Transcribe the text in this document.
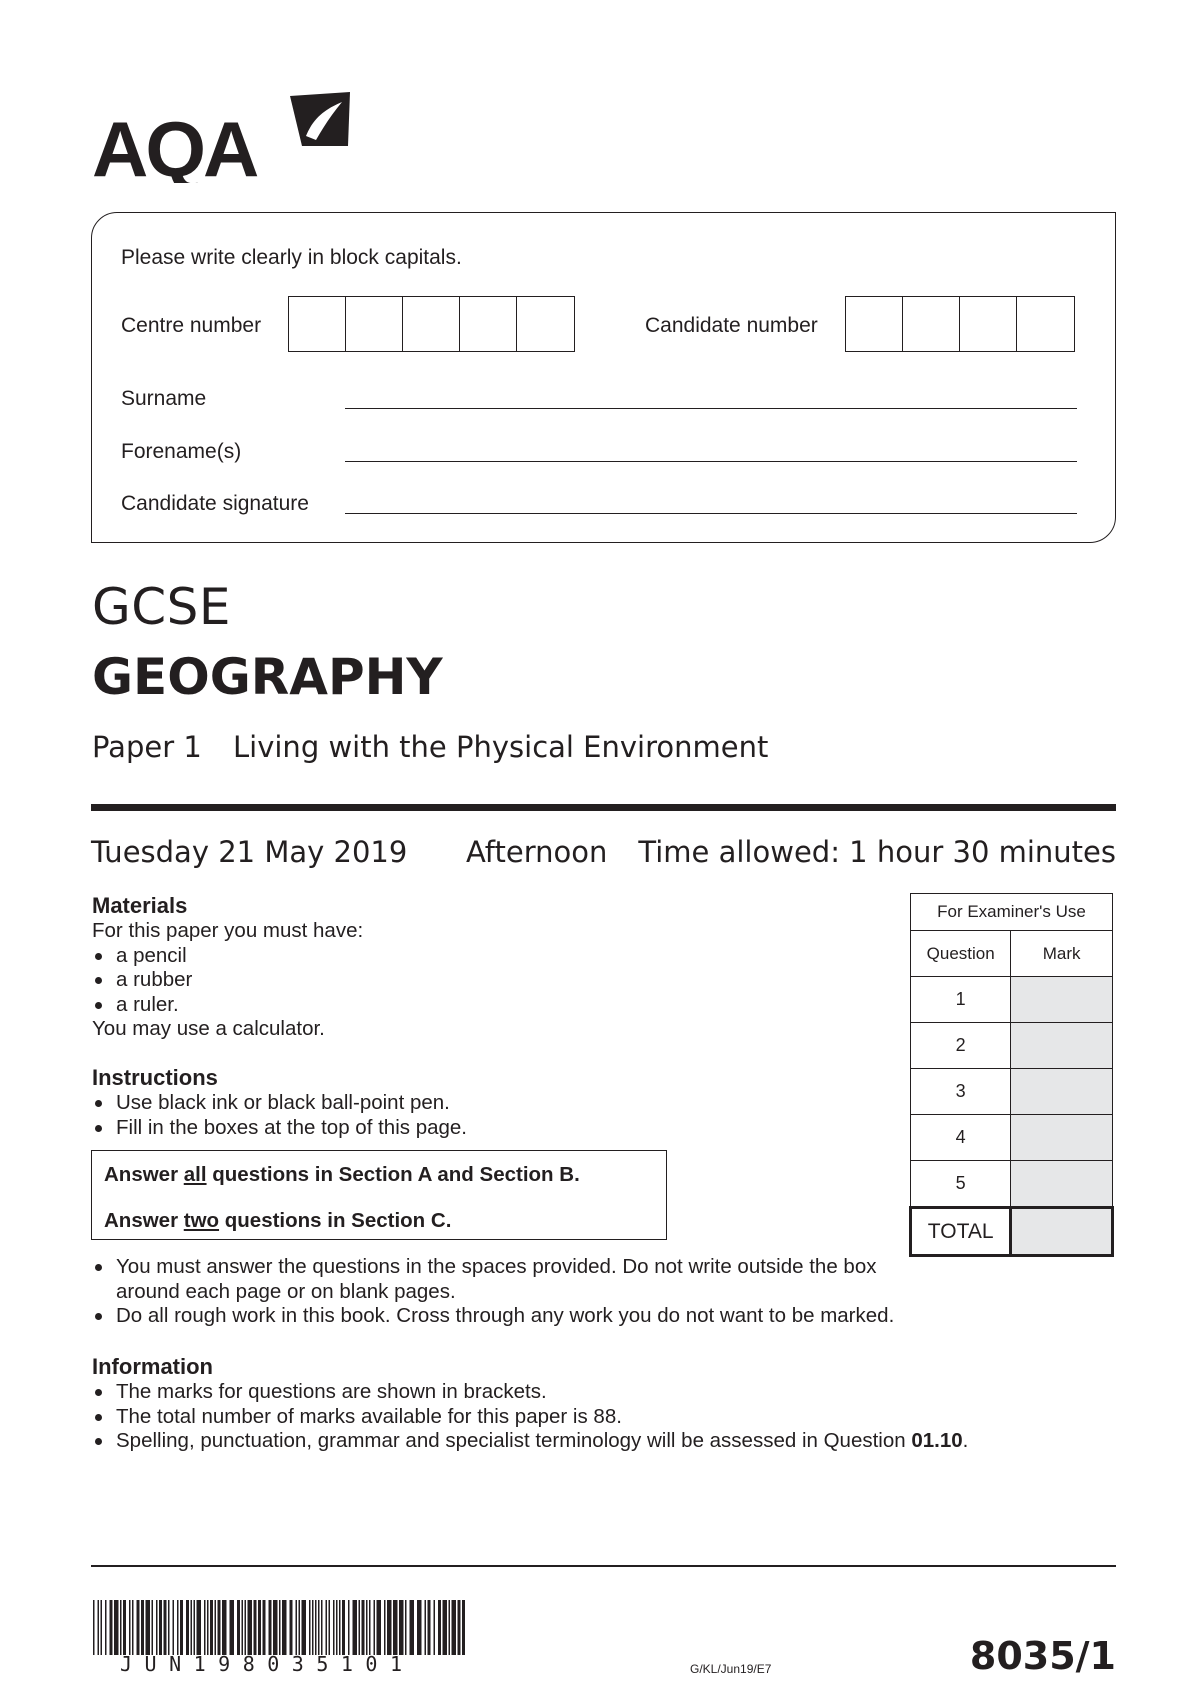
AQA
Please write clearly in block capitals.
Centre number	Candidate number
Surname
Forename(s)
Candidate signature
GCSE
GEOGRAPHY
Paper 1 Living with the Physical Environment
Tuesday 21 May 2019 Afternoon Time allowed: 1 hour 30 minutes
Materials
For this paper you must have:
a pencil
a rubber
a ruler.
You may use a calculator.
Instructions
Use black ink or black ball-point pen.
Fill in the boxes at the top of this page.
Answer all questions in Section A and Section B.
Answer two questions in Section C.
You must answer the questions in the spaces provided. Do not write outside the box around each page or on blank pages.
Do all rough work in this book. Cross through any work you do not want to be marked.
Information
The marks for questions are shown in brackets.
The total number of marks available for this paper is 88.
Spelling, punctuation, grammar and specialist terminology will be assessed in Question 01.10.
For Examiner's Use	
Question	Mark
1	
2	
3	
4	
5	
TOTAL	
JUN198035101	G/KL/Jun19/E7	8035/1
